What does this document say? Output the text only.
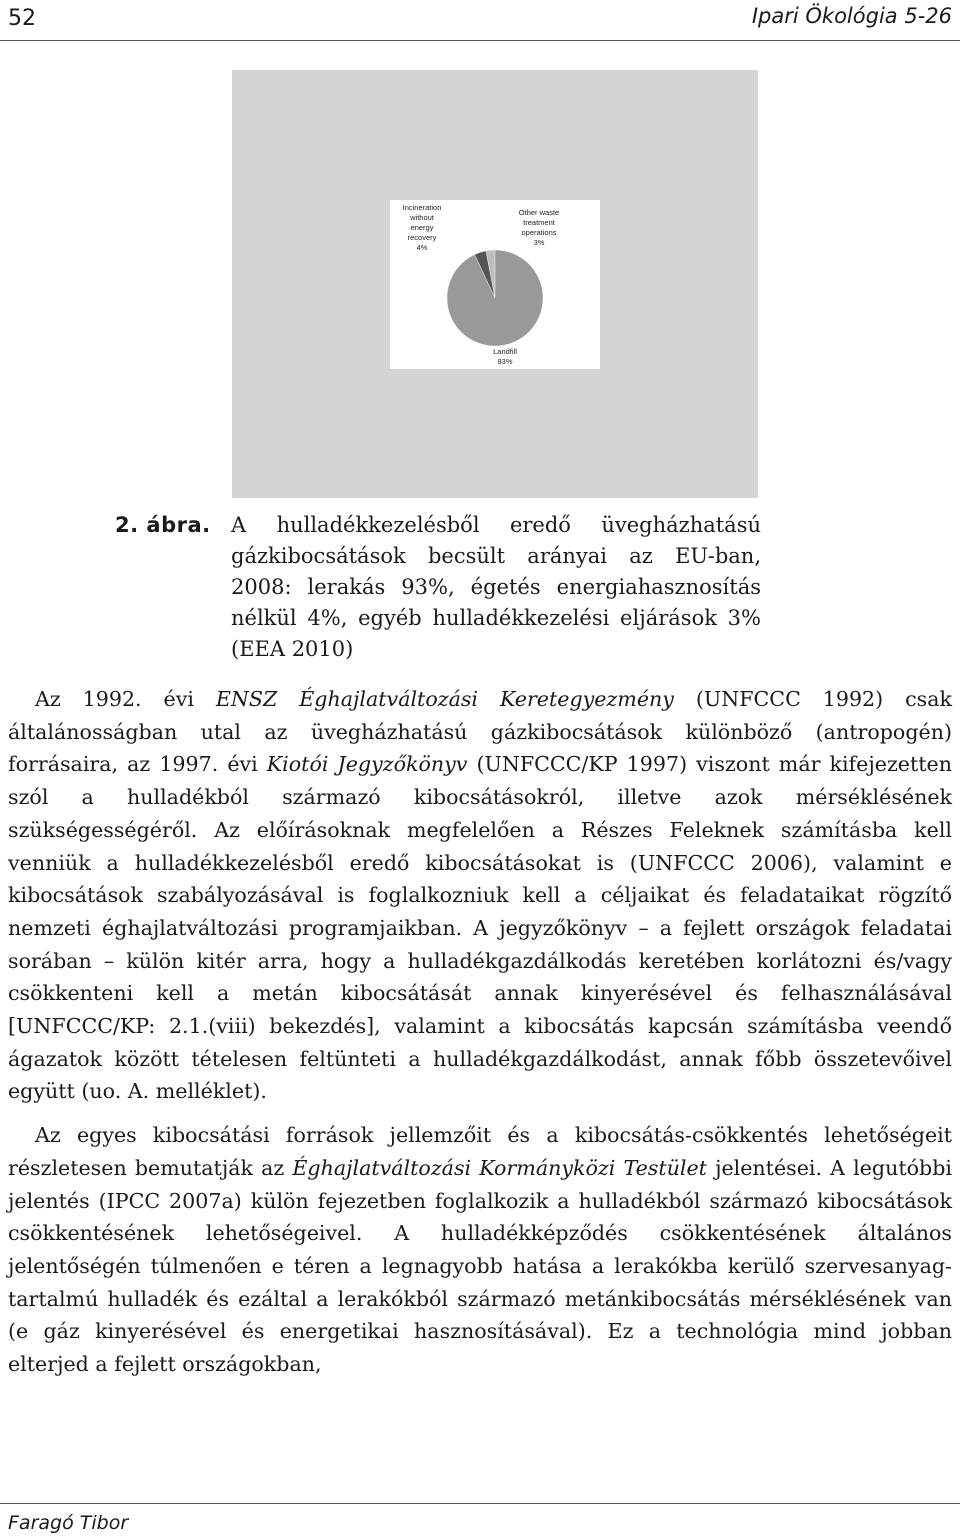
52	Ipari Ökológia 5-26
Incineration
without
energy
recovery
4%
Other waste
treatment
operations
3%
Landfill
93%
2. ábra. A hulladékkezelésből eredő üvegházhatású gázkibocsátások becsült arányai az EU-ban, 2008: lerakás 93%, égetés energiahasznosítás nélkül 4%, egyéb hulladékkezelési eljárások 3% (EEA 2010)

Az 1992. évi ENSZ Éghajlatváltozási Keretegyezmény (UNFCCC 1992) csak általánosságban utal az üvegházhatású gázkibocsátások különböző (antropogén) forrásaira, az 1997. évi Kiotói Jegyzőkönyv (UNFCCC/KP 1997) viszont már kifejezetten szól a hulladékból származó kibocsátásokról, illetve azok mérséklésének szükségességéről. Az előírásoknak megfelelően a Részes Feleknek számításba kell venniük a hulladékkezelésből eredő kibocsátásokat is (UNFCCC 2006), valamint e kibocsátások szabályozásával is foglalkozniuk kell a céljaikat és feladataikat rögzítő nemzeti éghajlatváltozási programjaikban. A jegyzőkönyv – a fejlett országok feladatai sorában – külön kitér arra, hogy a hulladékgazdálkodás keretében korlátozni és/vagy csökkenteni kell a metán kibocsátását annak kinyerésével és felhasználásával [UNFCCC/KP: 2.1.(viii) bekezdés], valamint a kibocsátás kapcsán számításba veendő ágazatok között tételesen feltünteti a hulladékgazdálkodást, annak főbb összetevőivel együtt (uo. A. melléklet).

Az egyes kibocsátási források jellemzőit és a kibocsátás-csökkentés lehetőségeit részletesen bemutatják az Éghajlatváltozási Kormányközi Testület jelentései. A legutóbbi jelentés (IPCC 2007a) külön fejezetben foglalkozik a hulladékból származó kibocsátások csökkentésének lehetőségeivel. A hulladékképződés csökkentésének általános jelentőségén túlmenően e téren a legnagyobb hatása a lerakókba kerülő szervesanyag-tartalmú hulladék és ezáltal a lerakókból származó metánkibocsátás mérséklésének van (e gáz kinyerésével és energetikai hasznosításával). Ez a technológia mind jobban elterjed a fejlett országokban,

Faragó Tibor
